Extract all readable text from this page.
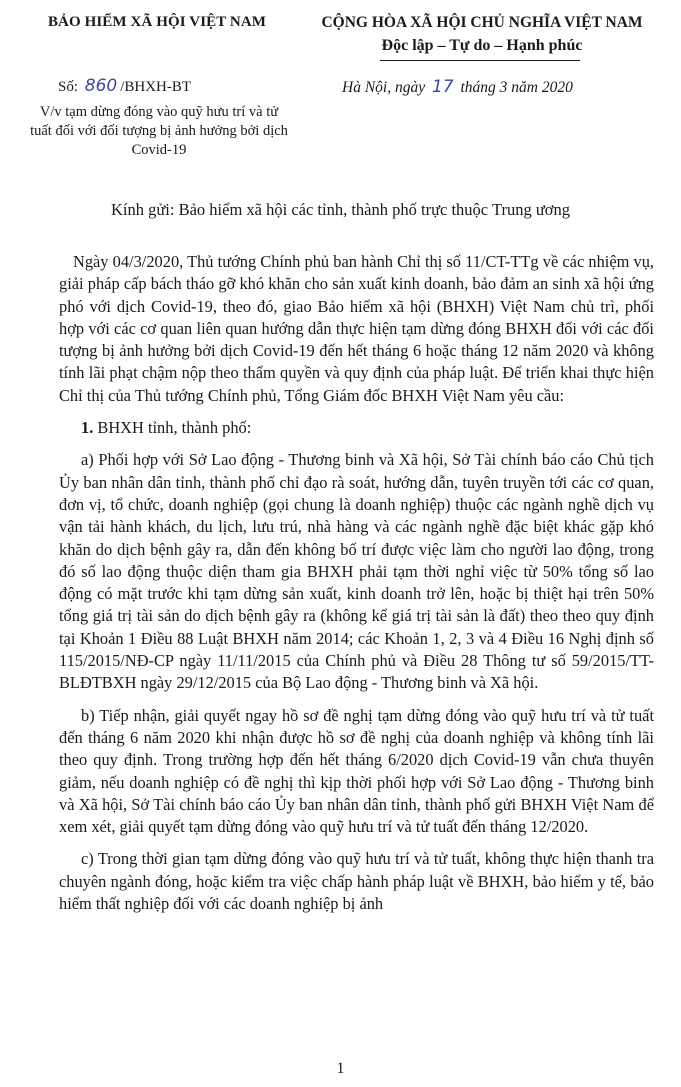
BẢO HIỂM XÃ HỘI VIỆT NAM	CỘNG HÒA XÃ HỘI CHỦ NGHĨA VIỆT NAM
Độc lập – Tự do – Hạnh phúc
Số: 860 /BHXH-BT	Hà Nội, ngày 17 tháng 3 năm 2020
V/v tạm dừng đóng vào quỹ hưu trí và tử tuất đối với đối tượng bị ảnh hưởng bởi dịch Covid-19
Kính gửi: Bảo hiểm xã hội các tỉnh, thành phố trực thuộc Trung ương

Ngày 04/3/2020, Thủ tướng Chính phủ ban hành Chỉ thị số 11/CT-TTg về các nhiệm vụ, giải pháp cấp bách tháo gỡ khó khăn cho sản xuất kinh doanh, bảo đảm an sinh xã hội ứng phó với dịch Covid-19, theo đó, giao Bảo hiểm xã hội (BHXH) Việt Nam chủ trì, phối hợp với các cơ quan liên quan hướng dẫn thực hiện tạm dừng đóng BHXH đối với các đối tượng bị ảnh hưởng bởi dịch Covid-19 đến hết tháng 6 hoặc tháng 12 năm 2020 và không tính lãi phạt chậm nộp theo thẩm quyền và quy định của pháp luật. Để triển khai thực hiện Chỉ thị của Thủ tướng Chính phủ, Tổng Giám đốc BHXH Việt Nam yêu cầu:

1. BHXH tỉnh, thành phố:

a) Phối hợp với Sở Lao động - Thương binh và Xã hội, Sở Tài chính báo cáo Chủ tịch Ủy ban nhân dân tỉnh, thành phố chỉ đạo rà soát, hướng dẫn, tuyên truyền tới các cơ quan, đơn vị, tổ chức, doanh nghiệp (gọi chung là doanh nghiệp) thuộc các ngành nghề dịch vụ vận tải hành khách, du lịch, lưu trú, nhà hàng và các ngành nghề đặc biệt khác gặp khó khăn do dịch bệnh gây ra, dẫn đến không bố trí được việc làm cho người lao động, trong đó số lao động thuộc diện tham gia BHXH phải tạm thời nghỉ việc từ 50% tổng số lao động có mặt trước khi tạm dừng sản xuất, kinh doanh trở lên, hoặc bị thiệt hại trên 50% tổng giá trị tài sản do dịch bệnh gây ra (không kể giá trị tài sản là đất) theo theo quy định tại Khoản 1 Điều 88 Luật BHXH năm 2014; các Khoản 1, 2, 3 và 4 Điều 16 Nghị định số 115/2015/NĐ-CP ngày 11/11/2015 của Chính phủ và Điều 28 Thông tư số 59/2015/TT-BLĐTBXH ngày 29/12/2015 của Bộ Lao động - Thương binh và Xã hội.

b) Tiếp nhận, giải quyết ngay hồ sơ đề nghị tạm dừng đóng vào quỹ hưu trí và tử tuất đến tháng 6 năm 2020 khi nhận được hồ sơ đề nghị của doanh nghiệp và không tính lãi theo quy định. Trong trường hợp đến hết tháng 6/2020 dịch Covid-19 vẫn chưa thuyên giảm, nếu doanh nghiệp có đề nghị thì kịp thời phối hợp với Sở Lao động - Thương binh và Xã hội, Sở Tài chính báo cáo Ủy ban nhân dân tỉnh, thành phố gửi BHXH Việt Nam để xem xét, giải quyết tạm dừng đóng vào quỹ hưu trí và tử tuất đến tháng 12/2020.

c) Trong thời gian tạm dừng đóng vào quỹ hưu trí và tử tuất, không thực hiện thanh tra chuyên ngành đóng, hoặc kiểm tra việc chấp hành pháp luật về BHXH, bảo hiểm y tế, bảo hiểm thất nghiệp đối với các doanh nghiệp bị ảnh

1
